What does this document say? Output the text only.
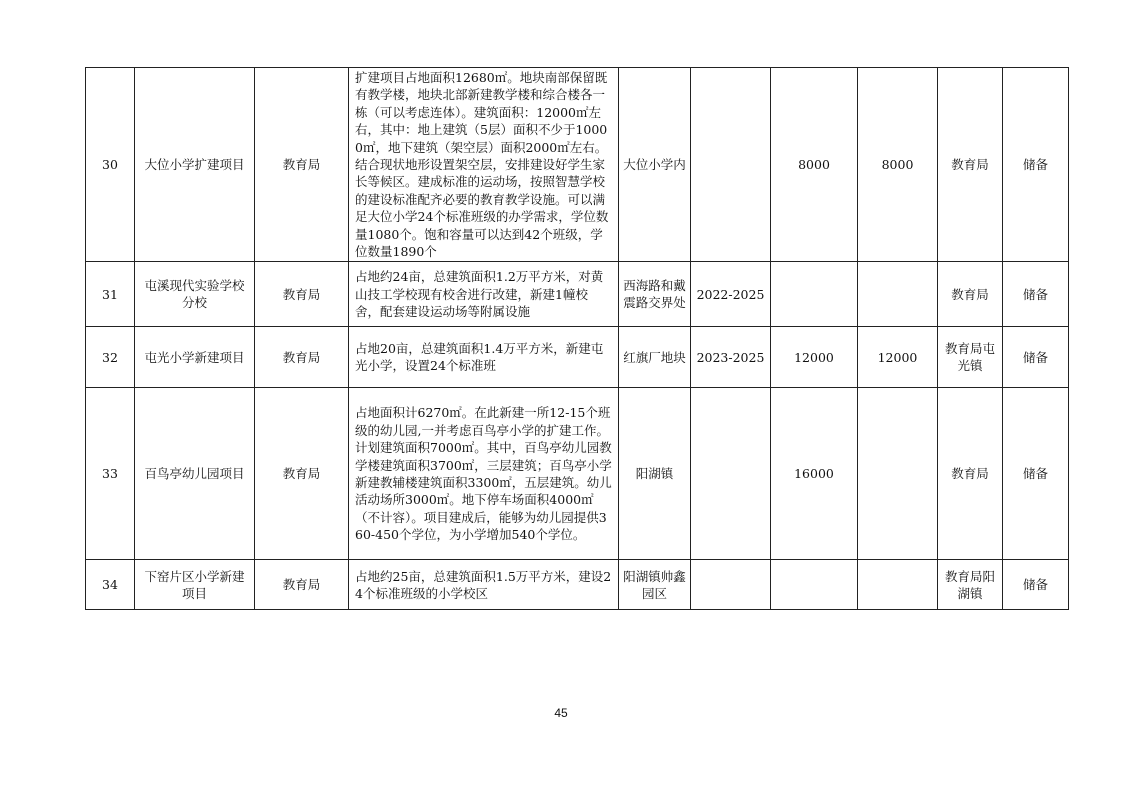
30	大位小学扩建项目	教育局	扩建项目占地面积12680㎡。地块南部保留既有教学楼，地块北部新建教学楼和综合楼各一栋（可以考虑连体）。建筑面积：12000㎡左右，其中：地上建筑（5层）面积不少于10000㎡，地下建筑（架空层）面积2000㎡左右。结合现状地形设置架空层，安排建设好学生家长等候区。建成标准的运动场，按照智慧学校的建设标准配齐必要的教育教学设施。可以满足大位小学24个标准班级的办学需求，学位数量1080个。饱和容量可以达到42个班级，学位数量1890个	大位小学内		8000	8000	教育局	储备
31	屯溪现代实验学校分校	教育局	占地约24亩，总建筑面积1.2万平方米，对黄山技工学校现有校舍进行改建，新建1幢校舍，配套建设运动场等附属设施	西海路和戴震路交界处	2022-2025			教育局	储备
32	屯光小学新建项目	教育局	占地20亩，总建筑面积1.4万平方米，新建屯光小学，设置24个标准班	红旗厂地块	2023-2025	12000	12000	教育局屯光镇	储备
33	百鸟亭幼儿园项目	教育局	占地面积计6270㎡。在此新建一所12-15个班级的幼儿园,一并考虑百鸟亭小学的扩建工作。计划建筑面积7000㎡。其中，百鸟亭幼儿园教学楼建筑面积3700㎡，三层建筑；百鸟亭小学新建教辅楼建筑面积3300㎡，五层建筑。幼儿活动场所3000㎡。地下停车场面积4000㎡（不计容）。项目建成后，能够为幼儿园提供360-450个学位，为小学增加540个学位。	阳湖镇		16000		教育局	储备
34	下窑片区小学新建项目	教育局	占地约25亩，总建筑面积1.5万平方米，建设24个标准班级的小学校区	阳湖镇帅鑫园区				教育局阳湖镇	储备
45
